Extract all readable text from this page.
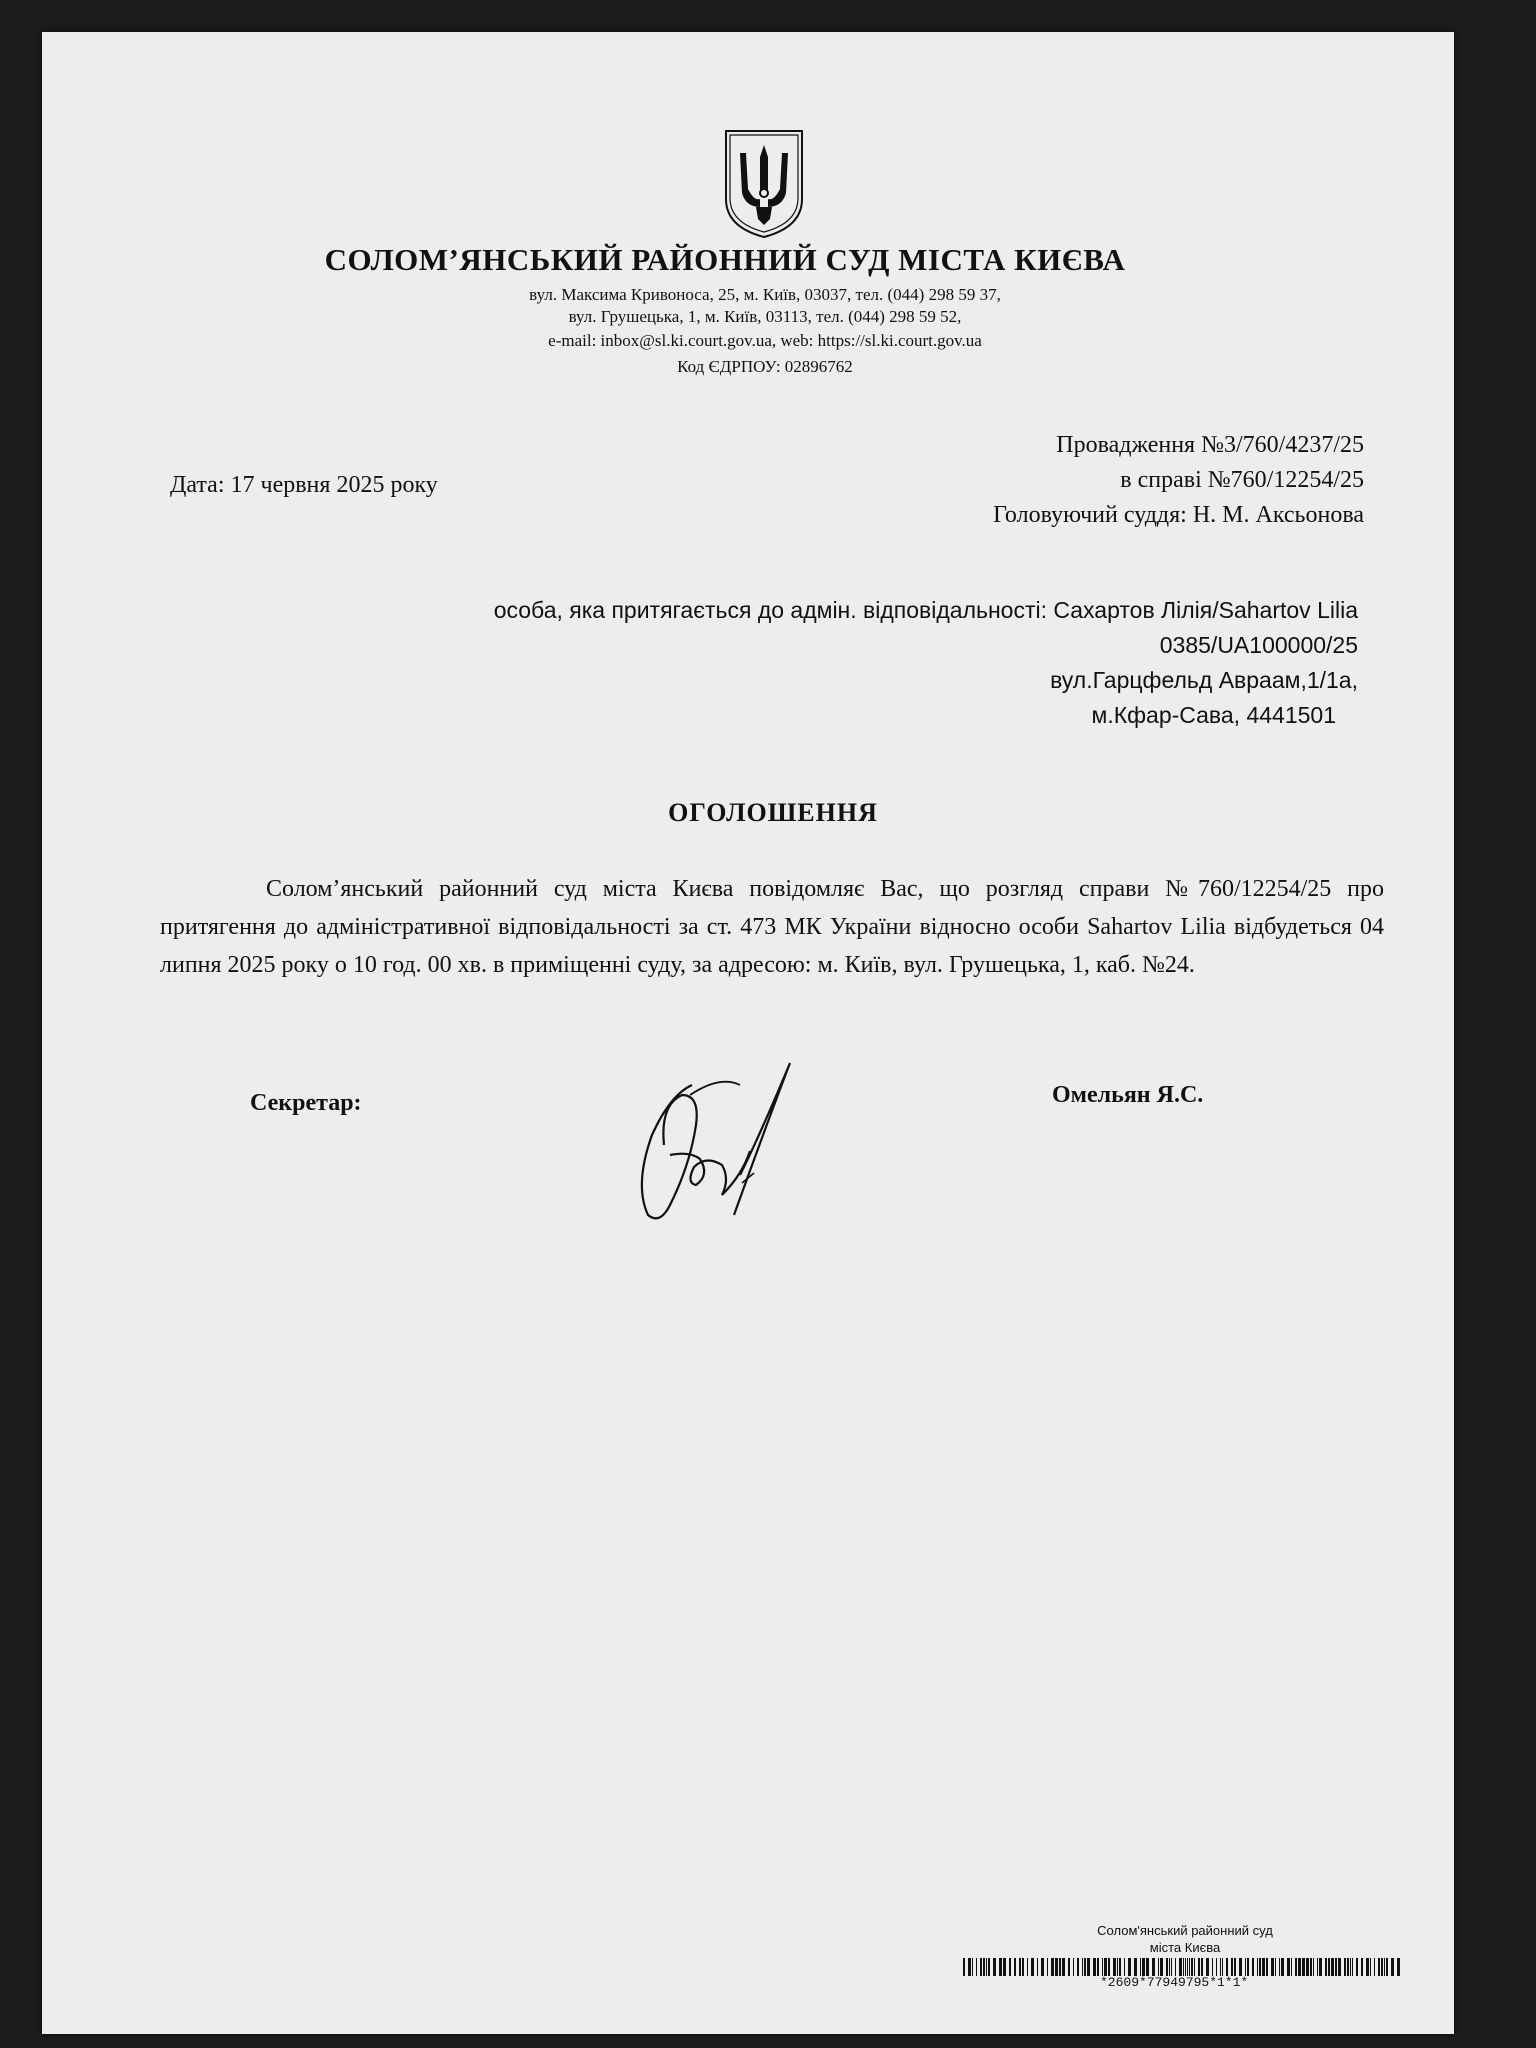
СОЛОМ’ЯНСЬКИЙ РАЙОННИЙ СУД МІСТА КИЄВА
вул. Максима Кривоноса, 25, м. Київ, 03037, тел. (044) 298 59 37,
вул. Грушецька, 1, м. Київ, 03113, тел. (044) 298 59 52,
e-mail: inbox@sl.ki.court.gov.ua, web: https://sl.ki.court.gov.ua
Код ЄДРПОУ: 02896762
Провадження №3/760/4237/25
в справі №760/12254/25
Головуючий суддя: Н. М. Аксьонова
Дата: 17 червня 2025 року
особа, яка притягається до адмін. відповідальності: Сахартов Лілія/Sahartov Lilia
0385/UA100000/25
вул.Гарцфельд Авраам,1/1а,
м.Кфар-Сава, 4441501
ОГОЛОШЕННЯ
Солом’янський районний суд міста Києва повідомляє Вас, що розгляд справи №760/12254/25 про притягення до адміністративної відповідальності за ст. 473 МК України відносно особи Sahartov Lilia відбудеться 04 липня 2025 року о 10 год. 00 хв. в приміщенні суду, за адресою: м. Київ, вул. Грушецька, 1, каб. №24.
Секретар:	Омельян Я.С.
Солом'янський районний суд
міста Києва
*2609*77949795*1*1*
